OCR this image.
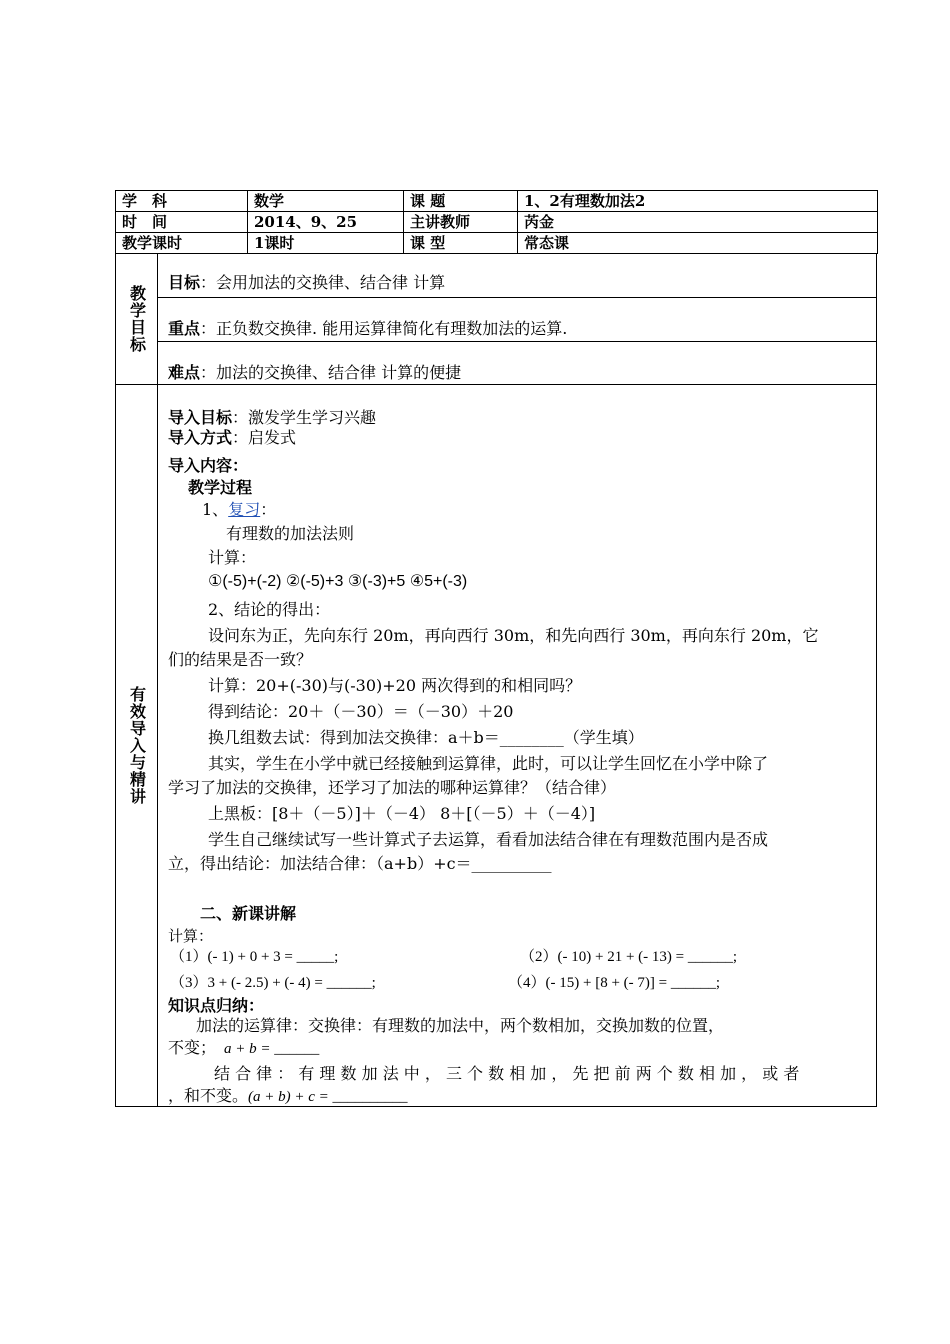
学　科	数学	课 题	1、2有理数加法2
时　间	2014、9、25	主讲教师	芮金
教学课时	1课时	课 型	常态课
教学目标
目标：会用加法的交换律、结合律 计算
重点：正负数交换律. 能用运算律简化有理数加法的运算.
难点：加法的交换律、结合律 计算的便捷
有效导入与精讲
导入目标：激发学生学习兴趣
导入方式：启发式
导入内容：
教学过程
1、复习：
有理数的加法法则
计算：
①(-5)+(-2) ②(-5)+3 ③(-3)+5 ④5+(-3)
2、结论的得出：
设问东为正，先向东行 20m，再向西行 30m，和先向西行 30m，再向东行 20m，它
们的结果是否一致？
计算：20+(-30)与(-30)+20 两次得到的和相同吗？
得到结论：20＋（－30）＝（－30）＋20
换几组数去试：得到加法交换律：a＋b＝________（学生填）
其实，学生在小学中就已经接触到运算律，此时，可以让学生回忆在小学中除了
学习了加法的交换律，还学习了加法的哪种运算律？（结合律）
上黑板：[8＋（－5）]＋（－4） 8＋[（－5）＋（－4）]
学生自己继续试写一些计算式子去运算，看看加法结合律在有理数范围内是否成
立，得出结论：加法结合律：（a+b）+c＝__________
二、新课讲解
计算：
（1）(- 1) + 0 + 3 = _____;	（2）(- 10) + 21 + (- 13) = ______;
（3）3 + (- 2.5) + (- 4) = ______;	（4）(- 15) + [8 + (- 7)] = ______;
知识点归纳：
加法的运算律：交换律：有理数的加法中，两个数相加，交换加数的位置，
不变； a + b = ______
结 合 律 ： 有 理 数 加 法 中 ， 三 个 数 相 加 ， 先 把 前 两 个 数 相 加 ， 或 者
，和不变。(a + b) + c = __________
